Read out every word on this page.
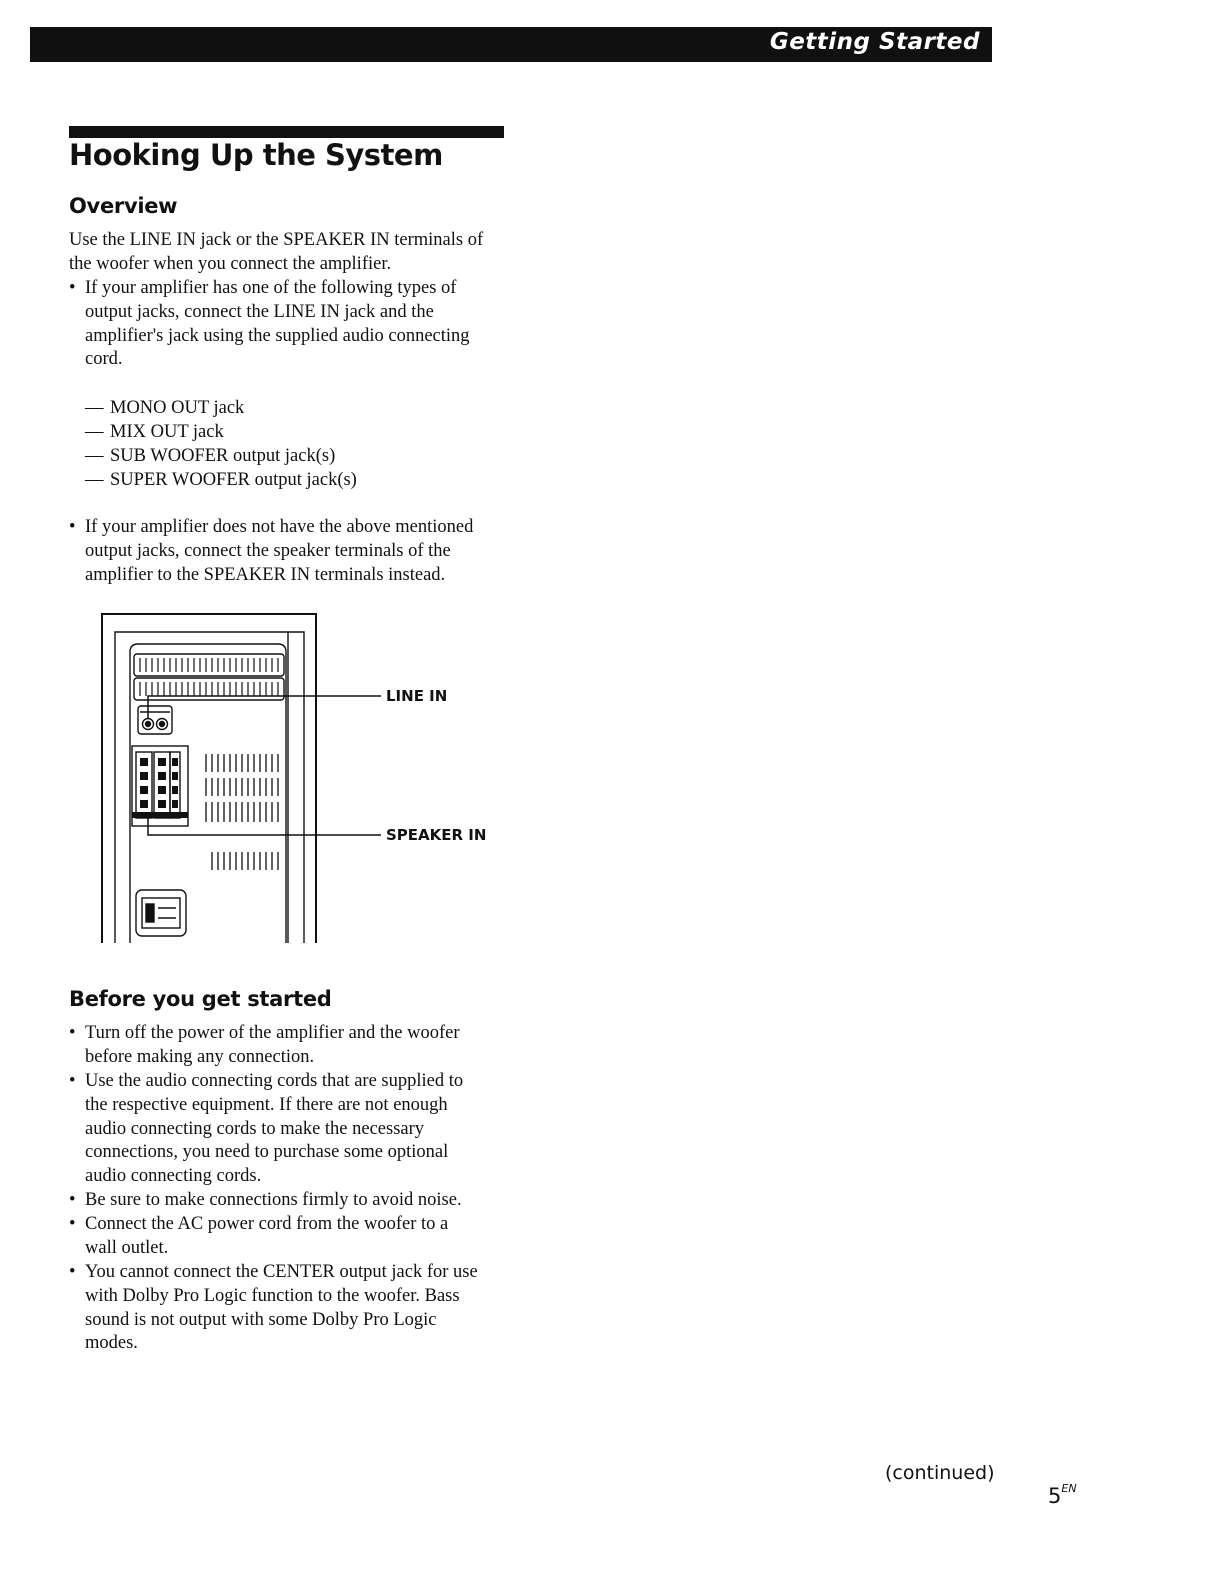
Getting Started
Hooking Up the System
Overview
Use the LINE IN jack or the SPEAKER IN terminals of
the woofer when you connect the amplifier.
• If your amplifier has one of the following types of
output jacks, connect the LINE IN jack and the
amplifier's jack using the supplied audio connecting
cord.
— MONO OUT jack
— MIX OUT jack
— SUB WOOFER output jack(s)
— SUPER WOOFER output jack(s)
• If your amplifier does not have the above mentioned
output jacks, connect the speaker terminals of the
amplifier to the SPEAKER IN terminals instead.
LINE IN
SPEAKER IN
Before you get started
• Turn off the power of the amplifier and the woofer
before making any connection.
• Use the audio connecting cords that are supplied to
the respective equipment. If there are not enough
audio connecting cords to make the necessary
connections, you need to purchase some optional
audio connecting cords.
• Be sure to make connections firmly to avoid noise.
• Connect the AC power cord from the woofer to a
wall outlet.
• You cannot connect the CENTER output jack for use
with Dolby Pro Logic function to the woofer. Bass
sound is not output with some Dolby Pro Logic
modes.
(continued)
$5^{EN}$
